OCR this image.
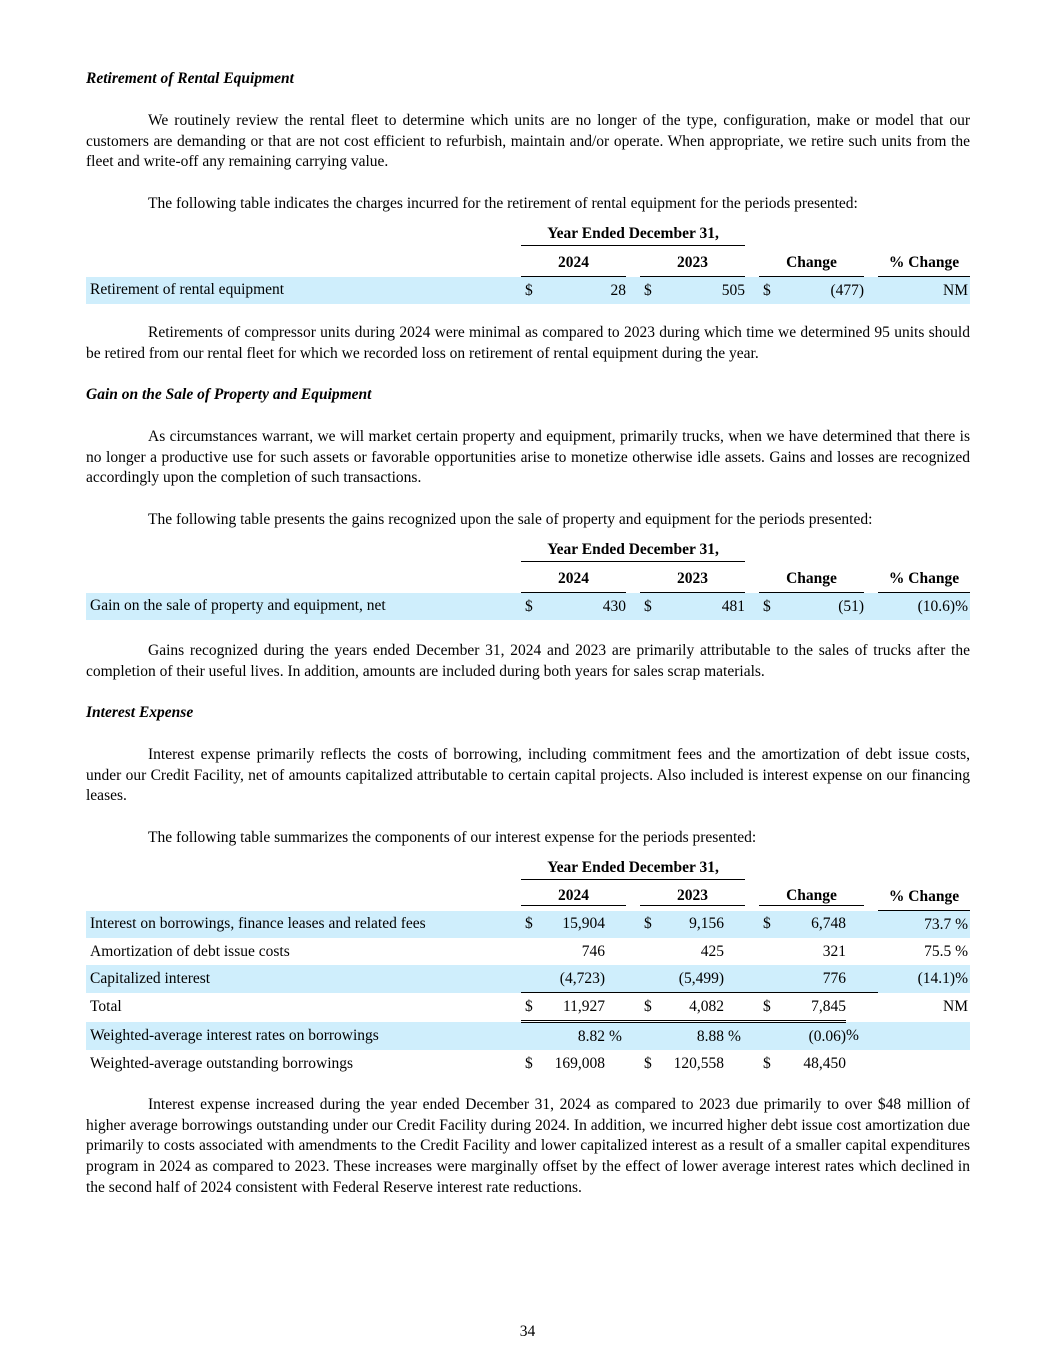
Retirement of Rental Equipment

We routinely review the rental fleet to determine which units are no longer of the type, configuration, make or model that our customers are demanding or that are not cost efficient to refurbish, maintain and/or operate. When appropriate, we retire such units from the fleet and write-off any remaining carrying value.

The following table indicates the charges incurred for the retirement of rental equipment for the periods presented:

	Year Ended December 31,									

	2024			2023			Change			% Change
Retirement of rental equipment	$	28		$	505		$	(477)		NM

Retirements of compressor units during 2024 were minimal as compared to 2023 during which time we determined 95 units should be retired from our rental fleet for which we recorded loss on retirement of rental equipment during the year.

Gain on the Sale of Property and Equipment

As circumstances warrant, we will market certain property and equipment, primarily trucks, when we have determined that there is no longer a productive use for such assets or favorable opportunities arise to monetize otherwise idle assets. Gains and losses are recognized accordingly upon the completion of such transactions.

The following table presents the gains recognized upon the sale of property and equipment for the periods presented:

	Year Ended December 31,									

	2024			2023			Change			% Change
Gain on the sale of property and equipment, net	$	430		$	481		$	(51)		(10.6)%

Gains recognized during the years ended December 31, 2024 and 2023 are primarily attributable to the sales of trucks after the completion of their useful lives. In addition, amounts are included during both years for sales scrap materials.

Interest Expense

Interest expense primarily reflects the costs of borrowing, including commitment fees and the amortization of debt issue costs, under our Credit Facility, net of amounts capitalized attributable to certain capital projects. Also included is interest expense on our financing leases.

The following table summarizes the components of our interest expense for the periods presented:

	Year Ended December 31,									

	2024			2023			Change			% Change
Interest on borrowings, finance leases and related fees	$	15,904		$	9,156		$	6,748		73.7 %
Amortization of debt issue costs		746			425			321		75.5 %
Capitalized interest		(4,723)			(5,499)			776		(14.1)%
Total	$	11,927		$	4,082		$	7,845		NM
Weighted-average interest rates on borrowings		8.82	%		8.88	%		(0.06)	%	
Weighted-average outstanding borrowings	$	169,008		$	120,558		$	48,450		

Interest expense increased during the year ended December 31, 2024 as compared to 2023 due primarily to over $48 million of higher average borrowings outstanding under our Credit Facility during 2024. In addition, we incurred higher debt issue cost amortization due primarily to costs associated with amendments to the Credit Facility and lower capitalized interest as a result of a smaller capital expenditures program in 2024 as compared to 2023. These increases were marginally offset by the effect of lower average interest rates which declined in the second half of 2024 consistent with Federal Reserve interest rate reductions.

34
